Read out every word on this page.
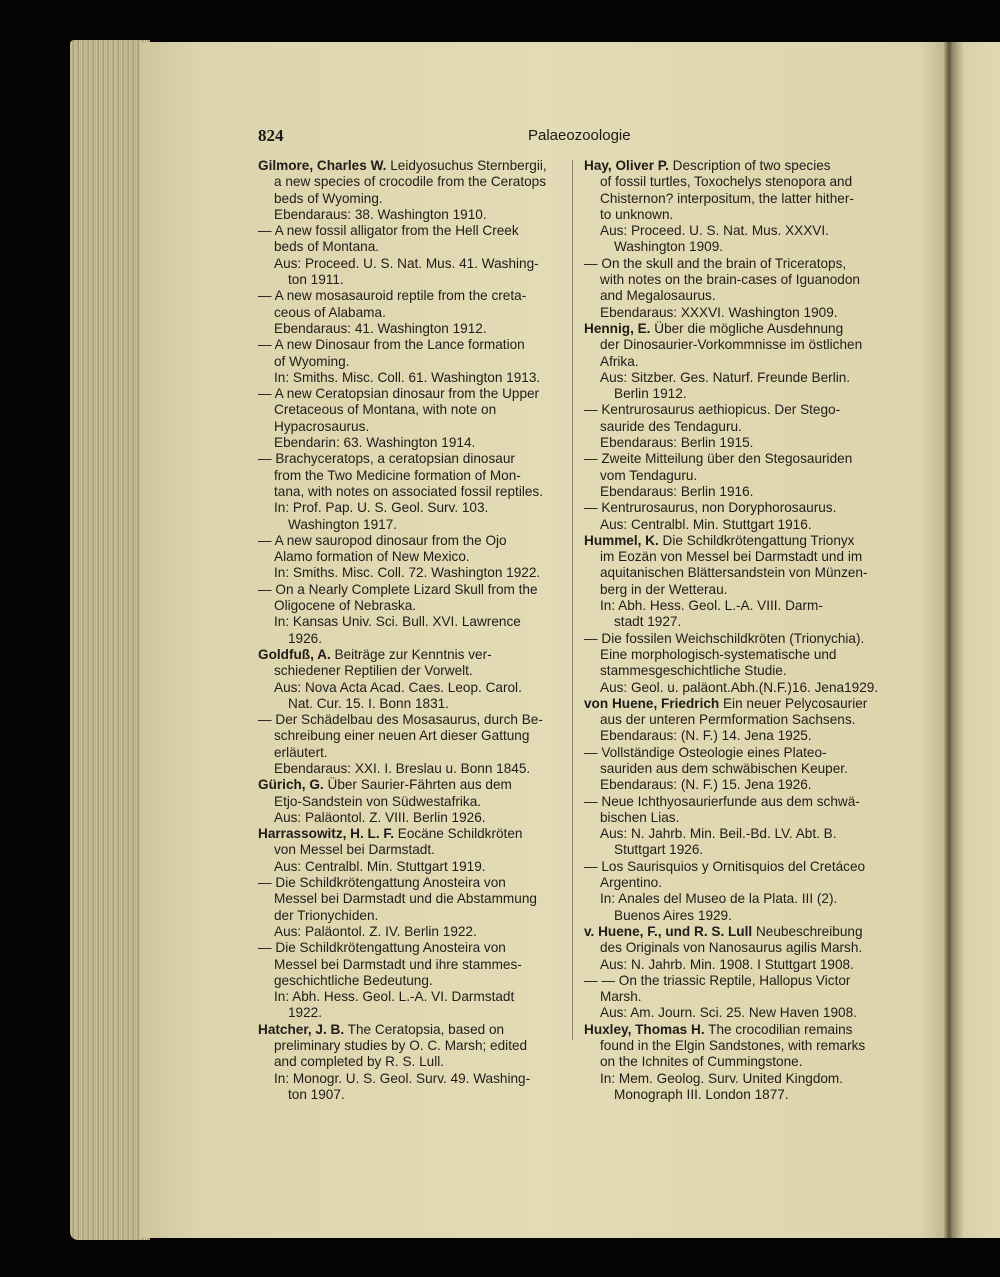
824	Palaeozoologie
Gilmore, Charles W. Leidyosuchus Sternbergii,
a new species of crocodile from the Ceratops
beds of Wyoming.
Ebendaraus: 38. Washington 1910.
— A new fossil alligator from the Hell Creek
beds of Montana.
Aus: Proceed. U. S. Nat. Mus. 41. Washing-
ton 1911.
— A new mosasauroid reptile from the creta-
ceous of Alabama.
Ebendaraus: 41. Washington 1912.
— A new Dinosaur from the Lance formation
of Wyoming.
In: Smiths. Misc. Coll. 61. Washington 1913.
— A new Ceratopsian dinosaur from the Upper
Cretaceous of Montana, with note on
Hypacrosaurus.
Ebendarin: 63. Washington 1914.
— Brachyceratops, a ceratopsian dinosaur
from the Two Medicine formation of Mon-
tana, with notes on associated fossil reptiles.
In: Prof. Pap. U. S. Geol. Surv. 103.
Washington 1917.
— A new sauropod dinosaur from the Ojo
Alamo formation of New Mexico.
In: Smiths. Misc. Coll. 72. Washington 1922.
— On a Nearly Complete Lizard Skull from the
Oligocene of Nebraska.
In: Kansas Univ. Sci. Bull. XVI. Lawrence
1926.
Goldfuß, A. Beiträge zur Kenntnis ver-
schiedener Reptilien der Vorwelt.
Aus: Nova Acta Acad. Caes. Leop. Carol.
Nat. Cur. 15. I. Bonn 1831.
— Der Schädelbau des Mosasaurus, durch Be-
schreibung einer neuen Art dieser Gattung
erläutert.
Ebendaraus: XXI. I. Breslau u. Bonn 1845.
Gürich, G. Über Saurier-Fährten aus dem
Etjo-Sandstein von Südwestafrika.
Aus: Paläontol. Z. VIII. Berlin 1926.
Harrassowitz, H. L. F. Eocäne Schildkröten
von Messel bei Darmstadt.
Aus: Centralbl. Min. Stuttgart 1919.
— Die Schildkrötengattung Anosteira von
Messel bei Darmstadt und die Abstammung
der Trionychiden.
Aus: Paläontol. Z. IV. Berlin 1922.
— Die Schildkrötengattung Anosteira von
Messel bei Darmstadt und ihre stammes-
geschichtliche Bedeutung.
In: Abh. Hess. Geol. L.-A. VI. Darmstadt
1922.
Hatcher, J. B. The Ceratopsia, based on
preliminary studies by O. C. Marsh; edited
and completed by R. S. Lull.
In: Monogr. U. S. Geol. Surv. 49. Washing-
ton 1907.
Hay, Oliver P. Description of two species
of fossil turtles, Toxochelys stenopora and
Chisternon? interpositum, the latter hither-
to unknown.
Aus: Proceed. U. S. Nat. Mus. XXXVI.
Washington 1909.
— On the skull and the brain of Triceratops,
with notes on the brain-cases of Iguanodon
and Megalosaurus.
Ebendaraus: XXXVI. Washington 1909.
Hennig, E. Über die mögliche Ausdehnung
der Dinosaurier-Vorkommnisse im östlichen
Afrika.
Aus: Sitzber. Ges. Naturf. Freunde Berlin.
Berlin 1912.
— Kentrurosaurus aethiopicus. Der Stego-
sauride des Tendaguru.
Ebendaraus: Berlin 1915.
— Zweite Mitteilung über den Stegosauriden
vom Tendaguru.
Ebendaraus: Berlin 1916.
— Kentrurosaurus, non Doryphorosaurus.
Aus: Centralbl. Min. Stuttgart 1916.
Hummel, K. Die Schildkrötengattung Trionyx
im Eozän von Messel bei Darmstadt und im
aquitanischen Blättersandstein von Münzen-
berg in der Wetterau.
In: Abh. Hess. Geol. L.-A. VIII. Darm-
stadt 1927.
— Die fossilen Weichschildkröten (Trionychia).
Eine morphologisch-systematische und
stammesgeschichtliche Studie.
Aus: Geol. u. paläont.Abh.(N.F.)16. Jena1929.
von Huene, Friedrich Ein neuer Pelycosaurier
aus der unteren Permformation Sachsens.
Ebendaraus: (N. F.) 14. Jena 1925.
— Vollständige Osteologie eines Plateo-
sauriden aus dem schwäbischen Keuper.
Ebendaraus: (N. F.) 15. Jena 1926.
— Neue Ichthyosaurierfunde aus dem schwä-
bischen Lias.
Aus: N. Jahrb. Min. Beil.-Bd. LV. Abt. B.
Stuttgart 1926.
— Los Saurisquios y Ornitisquios del Cretáceo
Argentino.
In: Anales del Museo de la Plata. III (2).
Buenos Aires 1929.
v. Huene, F., und R. S. Lull Neubeschreibung
des Originals von Nanosaurus agilis Marsh.
Aus: N. Jahrb. Min. 1908. I Stuttgart 1908.
— — On the triassic Reptile, Hallopus Victor
Marsh.
Aus: Am. Journ. Sci. 25. New Haven 1908.
Huxley, Thomas H. The crocodilian remains
found in the Elgin Sandstones, with remarks
on the Ichnites of Cummingstone.
In: Mem. Geolog. Surv. United Kingdom.
Monograph III. London 1877.
